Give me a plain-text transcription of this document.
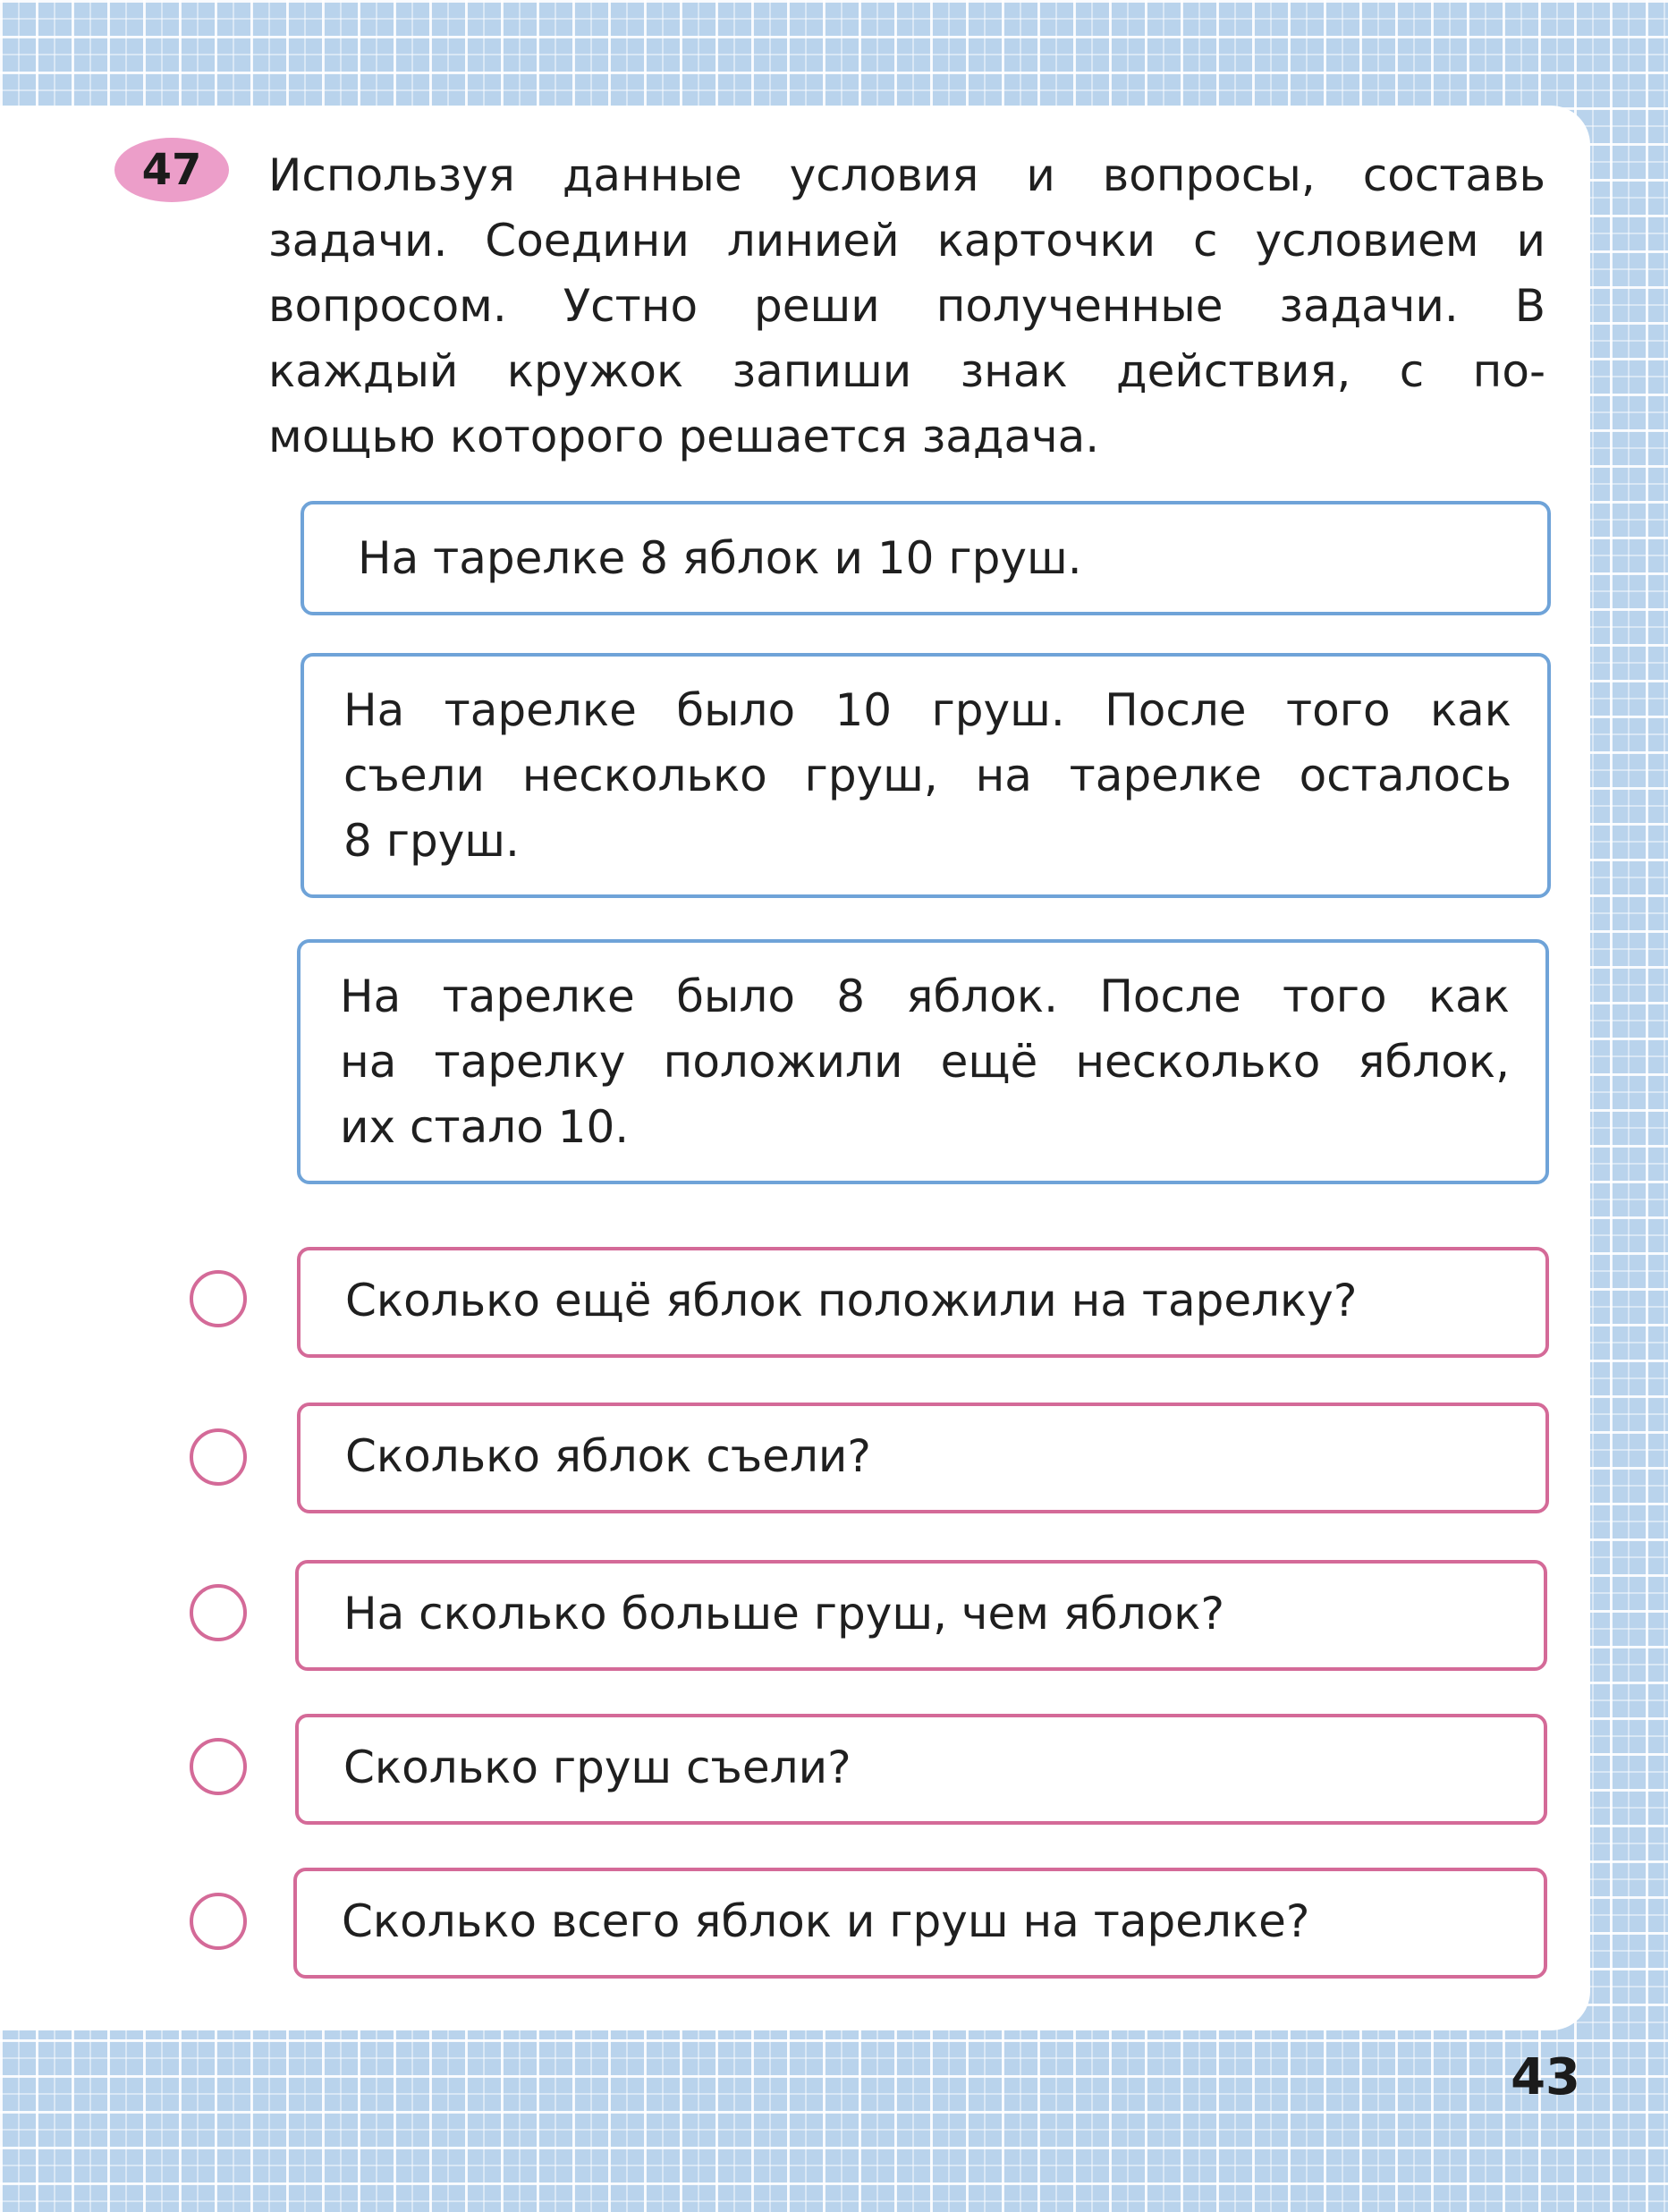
47	Используя данные условия и вопросы, составь
задачи. Соедини линией карточки с условием и
вопросом. Устно реши полученные задачи. В
каждый кружок запиши знак действия, с по-
мощью которого решается задача.
На тарелке 8 яблок и 10 груш.
На тарелке было 10 груш. После того как
съели несколько груш, на тарелке осталось
8 груш.
На тарелке было 8 яблок. После того как
на тарелку положили ещё несколько яблок,
их стало 10.
Сколько ещё яблок положили на тарелку?
Сколько яблок съели?
На сколько больше груш, чем яблок?
Сколько груш съели?
Сколько всего яблок и груш на тарелке?
43
